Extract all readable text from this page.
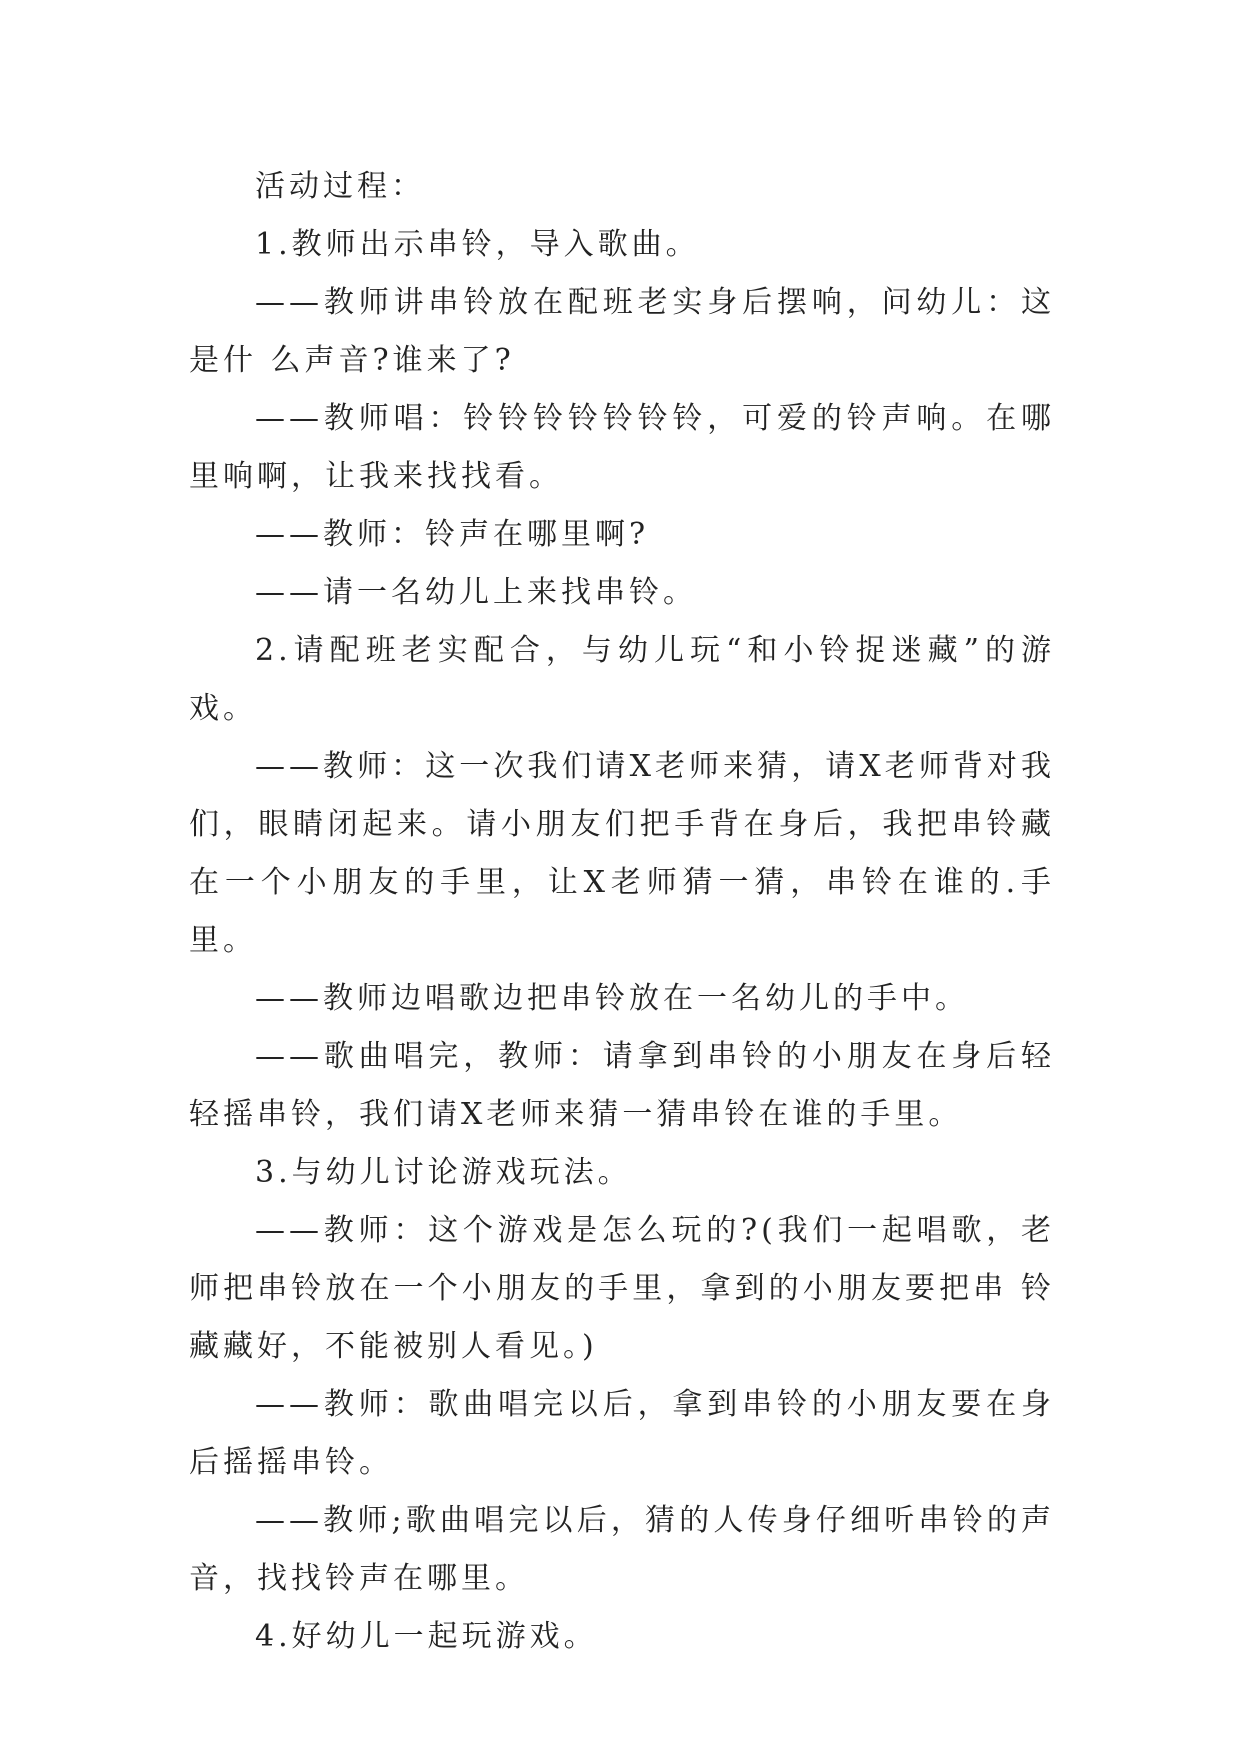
活动过程：

1.教师出示串铃，导入歌曲。

——教师讲串铃放在配班老实身后摆响，问幼儿：这是什 么声音?谁来了?

——教师唱：铃铃铃铃铃铃铃，可爱的铃声响。在哪里响啊，让我来找找看。

——教师：铃声在哪里啊?

——请一名幼儿上来找串铃。

2.请配班老实配合，与幼儿玩“和小铃捉迷藏”的游戏。

——教师：这一次我们请X老师来猜，请X老师背对我们，眼睛闭起来。请小朋友们把手背在身后，我把串铃藏在一个小朋友的手里，让X老师猜一猜，串铃在谁的.手里。

——教师边唱歌边把串铃放在一名幼儿的手中。

——歌曲唱完，教师：请拿到串铃的小朋友在身后轻轻摇串铃，我们请X老师来猜一猜串铃在谁的手里。

3.与幼儿讨论游戏玩法。

——教师：这个游戏是怎么玩的?(我们一起唱歌，老师把串铃放在一个小朋友的手里，拿到的小朋友要把串 铃藏藏好，不能被别人看见。)

——教师：歌曲唱完以后，拿到串铃的小朋友要在身后摇摇串铃。

——教师;歌曲唱完以后，猜的人传身仔细听串铃的声音，找找铃声在哪里。

4.好幼儿一起玩游戏。
